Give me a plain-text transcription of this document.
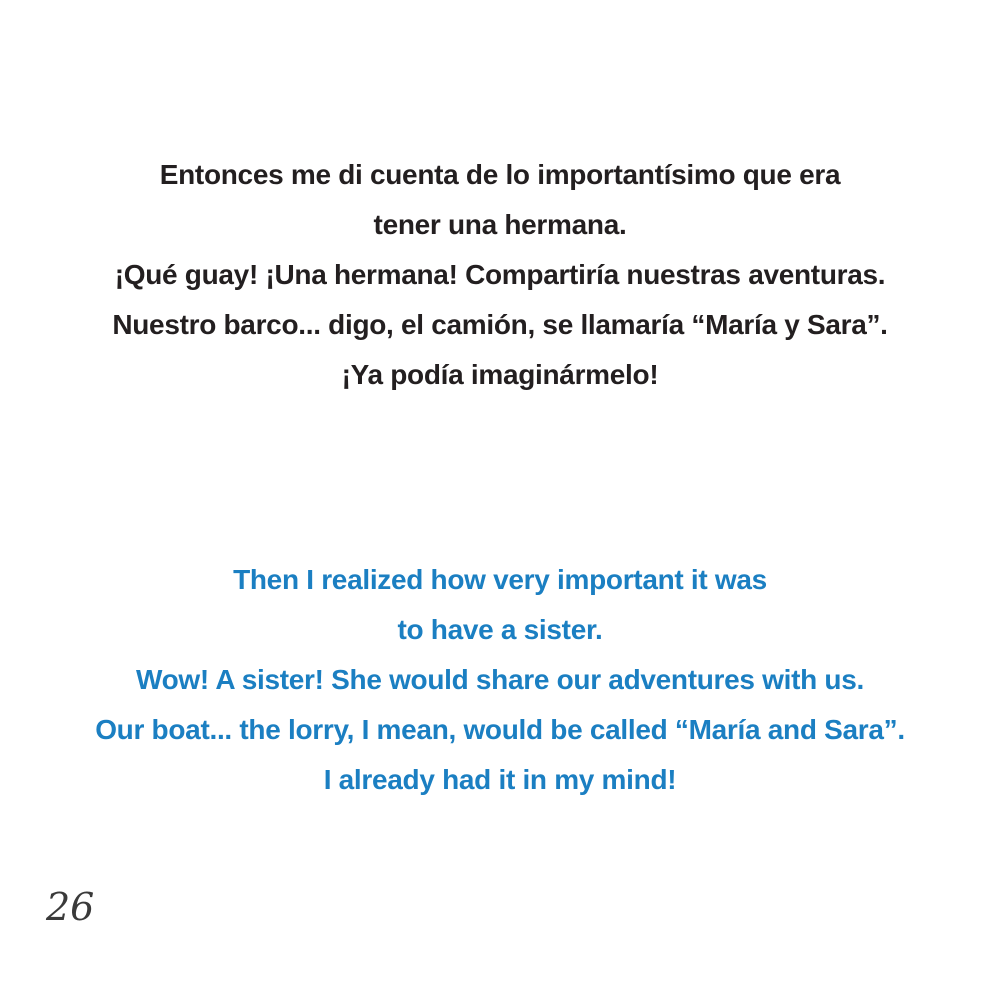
Entonces me di cuenta de lo importantísimo que era
tener una hermana.
¡Qué guay! ¡Una hermana! Compartiría nuestras aventuras.
Nuestro barco... digo, el camión, se llamaría “María y Sara”.
¡Ya podía imaginármelo!
Then I realized how very important it was
to have a sister.
Wow! A sister! She would share our adventures with us.
Our boat... the lorry, I mean, would be called “María and Sara”.
I already had it in my mind!
26
